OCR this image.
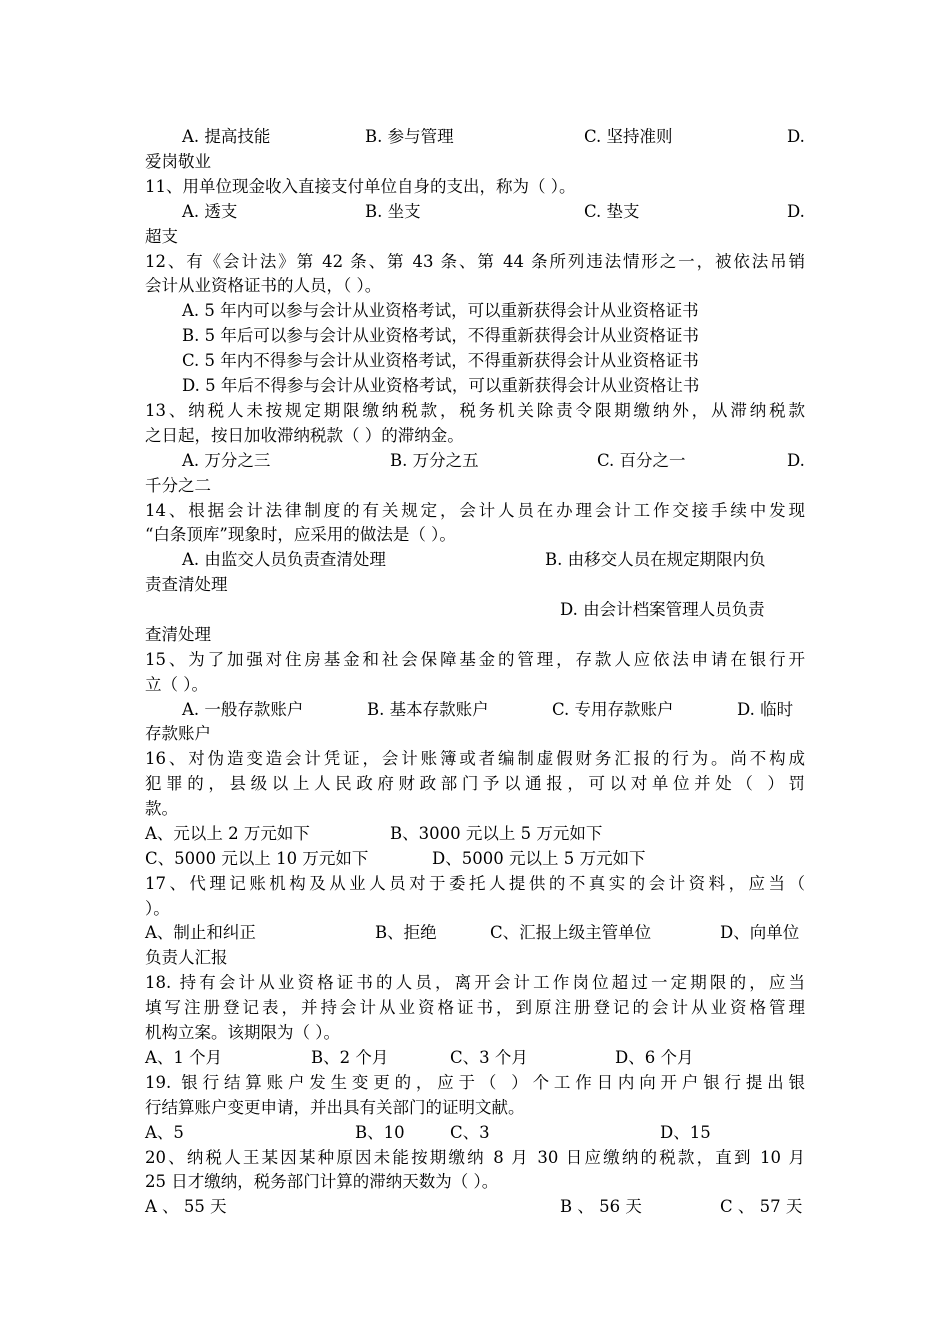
A. 提高技能	B. 参与管理	C. 坚持准则	D.
爱岗敬业
11、用单位现金收入直接支付单位自身的支出，称为（ ）。
A. 透支	B. 坐支	C. 垫支	D.
超支
12、有《会计法》第 42 条、第 43 条、第 44 条所列违法情形之一，被依法吊销
会计从业资格证书的人员，（ ）。
A. 5 年内可以参与会计从业资格考试，可以重新获得会计从业资格证书
B. 5 年后可以参与会计从业资格考试，不得重新获得会计从业资格证书
C. 5 年内不得参与会计从业资格考试，不得重新获得会计从业资格证书
D. 5 年后不得参与会计从业资格考试，可以重新获得会计从业资格让书
13、纳税人未按规定期限缴纳税款，税务机关除责令限期缴纳外，从滞纳税款
之日起，按日加收滞纳税款（ ）的滞纳金。
A. 万分之三	B. 万分之五	C. 百分之一	D.
千分之二
14、根据会计法律制度的有关规定，会计人员在办理会计工作交接手续中发现
“白条顶库”现象时，应采用的做法是（ ）。
A. 由监交人员负责查清处理	B. 由移交人员在规定期限内负
责查清处理
D. 由会计档案管理人员负责
查清处理
15、为了加强对住房基金和社会保障基金的管理，存款人应依法申请在银行开
立（ ）。
A. 一般存款账户	B. 基本存款账户	C. 专用存款账户	D. 临时
存款账户
16、对伪造变造会计凭证，会计账簿或者编制虚假财务汇报的行为。尚不构成
犯罪的，县级以上人民政府财政部门予以通报，可以对单位并处（ ）罚
款。
A、元以上 2 万元如下	B、3000 元以上 5 万元如下
C、5000 元以上 10 万元如下	D、5000 元以上 5 万元如下
17、代理记账机构及从业人员对于委托人提供的不真实的会计资料，应当（
）。
A、制止和纠正	B、拒绝	C、汇报上级主管单位	D、向单位
负责人汇报
18. 持有会计从业资格证书的人员，离开会计工作岗位超过一定期限的，应当
填写注册登记表，并持会计从业资格证书，到原注册登记的会计从业资格管理
机构立案。该期限为（ ）。
A、1 个月	B、2 个月	C、3 个月	D、6 个月
19. 银行结算账户发生变更的，应于（ ）个工作日内向开户银行提出银
行结算账户变更申请，并出具有关部门的证明文献。
A、5	B、10	C、3	D、15
20、纳税人王某因某种原因未能按期缴纳 8 月 30 日应缴纳的税款，直到 10 月
25 日才缴纳，税务部门计算的滞纳天数为（ ）。
A 、 55 天	B 、 56 天	C 、 57 天
